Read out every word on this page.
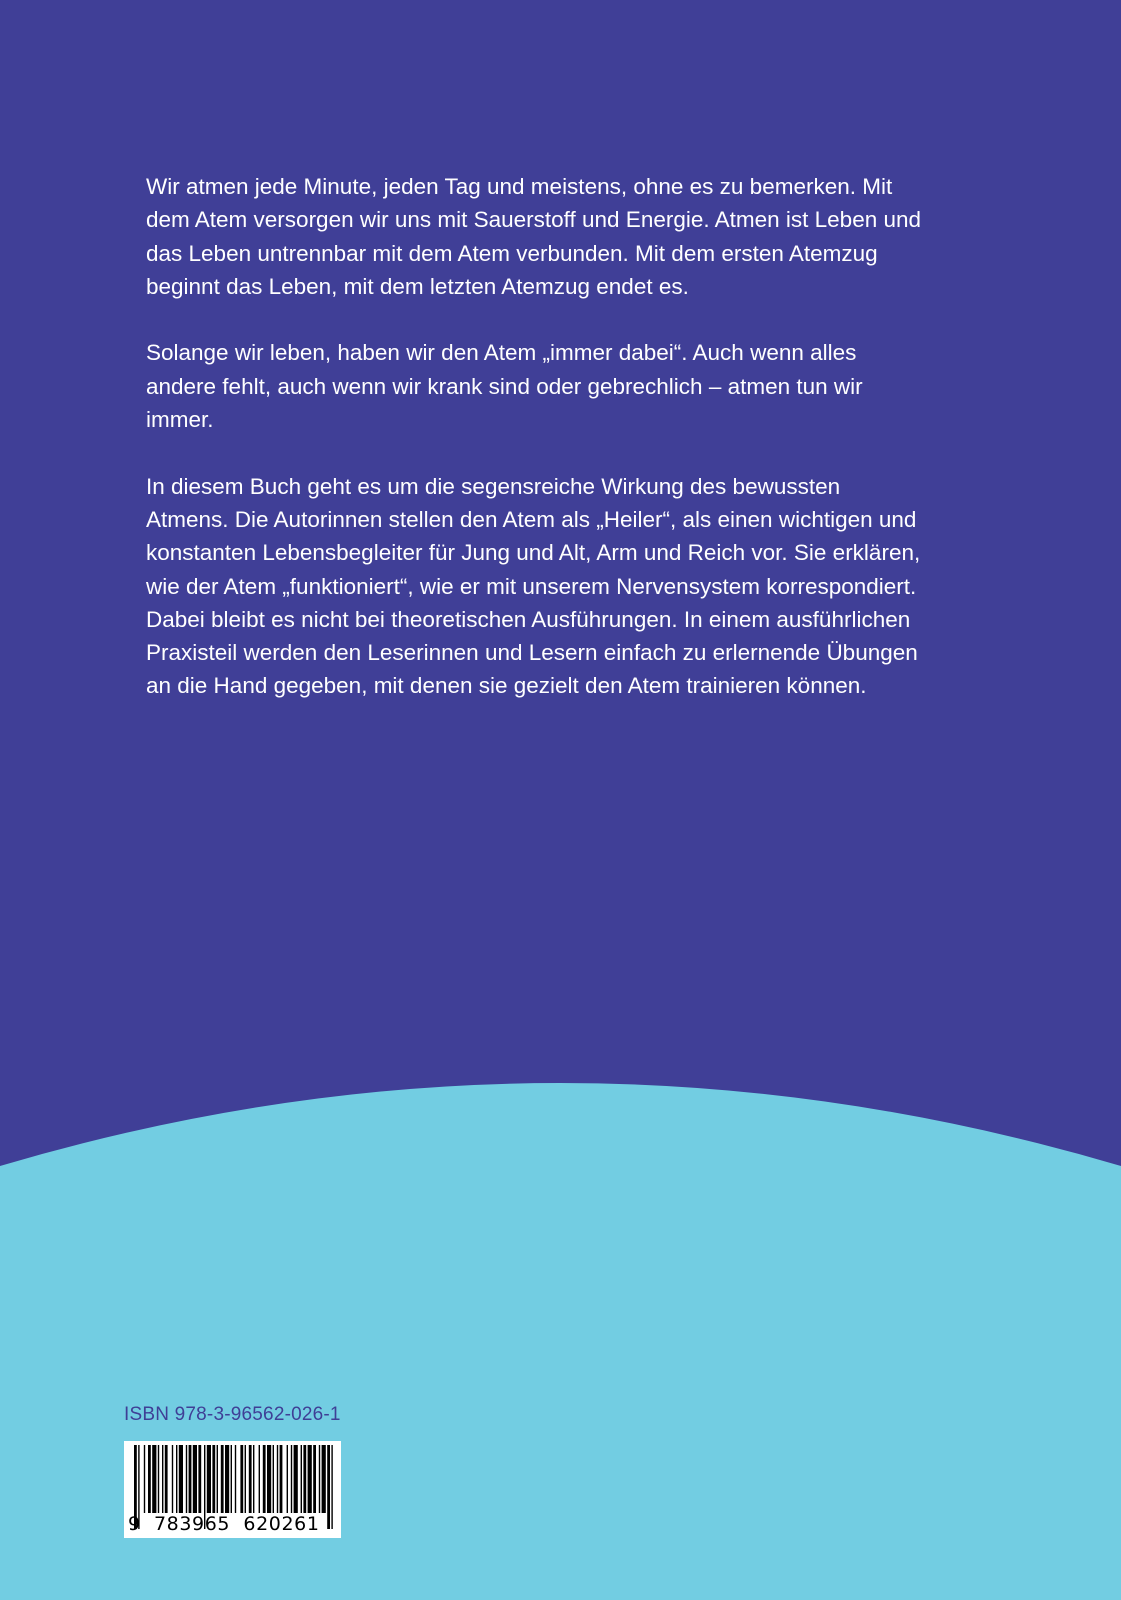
Wir atmen jede Minute, jeden Tag und meistens, ohne es zu bemerken. Mit dem Atem versorgen wir uns mit Sauerstoff und Energie. Atmen ist Leben und das Leben untrennbar mit dem Atem verbunden. Mit dem ersten Atemzug beginnt das Leben, mit dem letzten Atemzug endet es.

Solange wir leben, haben wir den Atem „immer dabei“. Auch wenn alles andere fehlt, auch wenn wir krank sind oder gebrechlich – atmen tun wir immer.

In diesem Buch geht es um die segensreiche Wirkung des bewussten Atmens. Die Autorinnen stellen den Atem als „Heiler“, als einen wichtigen und konstanten Lebensbegleiter für Jung und Alt, Arm und Reich vor. Sie erklären, wie der Atem „funktioniert“, wie er mit unserem Nervensystem korrespondiert. Dabei bleibt es nicht bei theoretischen Ausführungen. In einem ausführlichen Praxisteil werden den Leserinnen und Lesern einfach zu erlernende Übungen an die Hand gegeben, mit denen sie gezielt den Atem trainieren können.

ISBN 978-3-96562-026-1
9  783965  620261
